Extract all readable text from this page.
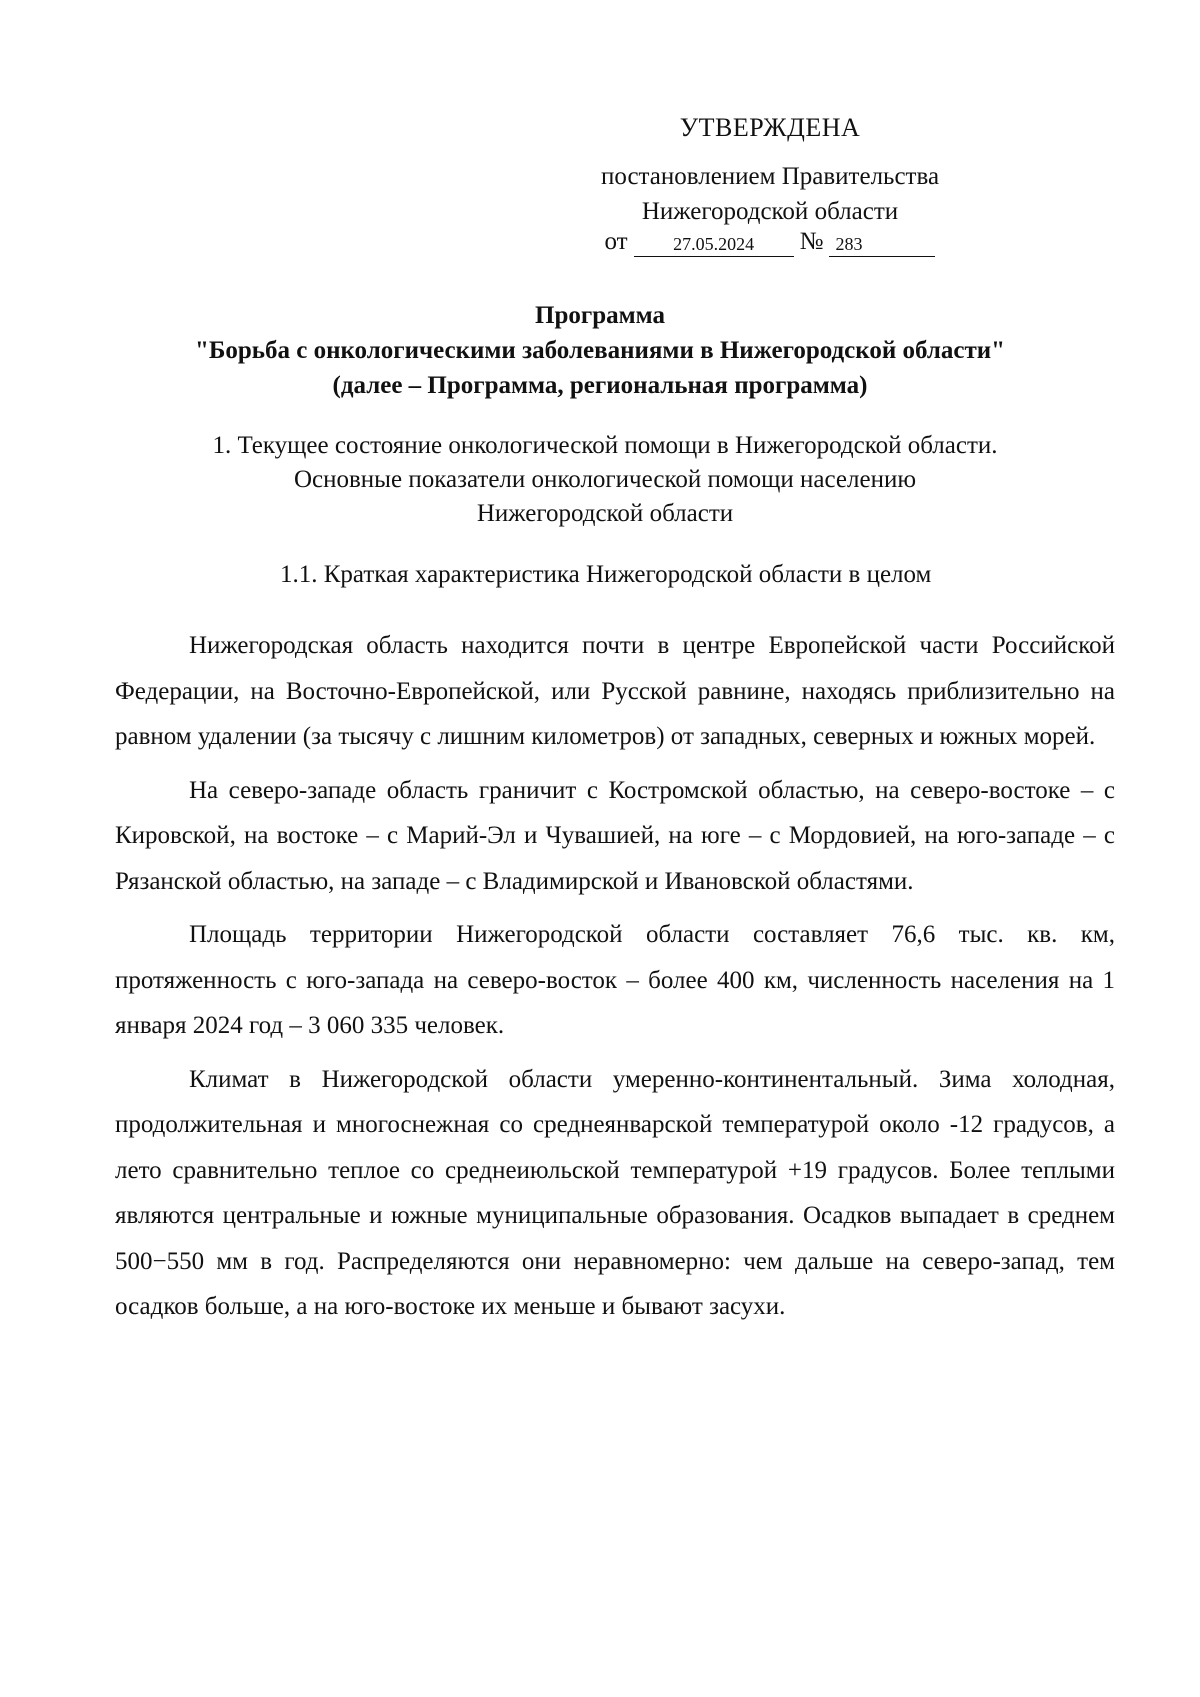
УТВЕРЖДЕНА
постановлением Правительства
Нижегородской области
от	27.05.2024	№ 283
Программа
"Борьба с онкологическими заболеваниями в Нижегородской области"
(далее – Программа, региональная программа)
1. Текущее состояние онкологической помощи в Нижегородской области.
Основные показатели онкологической помощи населению
Нижегородской области
1.1. Краткая характеристика Нижегородской области в целом

Нижегородская область находится почти в центре Европейской части Российской Федерации, на Восточно-Европейской, или Русской равнине, находясь приблизительно на равном удалении (за тысячу с лишним километров) от западных, северных и южных морей.

На северо-западе область граничит с Костромской областью, на северо-востоке – с Кировской, на востоке – с Марий-Эл и Чувашией, на юге – с Мордовией, на юго-западе – с Рязанской областью, на западе – с Владимирской и Ивановской областями.

Площадь территории Нижегородской области составляет 76,6 тыс. кв. км, протяженность с юго-запада на северо-восток – более 400 км, численность населения на 1 января 2024 год – 3 060 335 человек.

Климат в Нижегородской области умеренно-континентальный. Зима холодная, продолжительная и многоснежная со среднеянварской температурой около -12 градусов, а лето сравнительно теплое со среднеиюльской температурой +19 градусов. Более теплыми являются центральные и южные муниципальные образования. Осадков выпадает в среднем 500−550 мм в год. Распределяются они неравномерно: чем дальше на северо-запад, тем осадков больше, а на юго-востоке их меньше и бывают засухи.
